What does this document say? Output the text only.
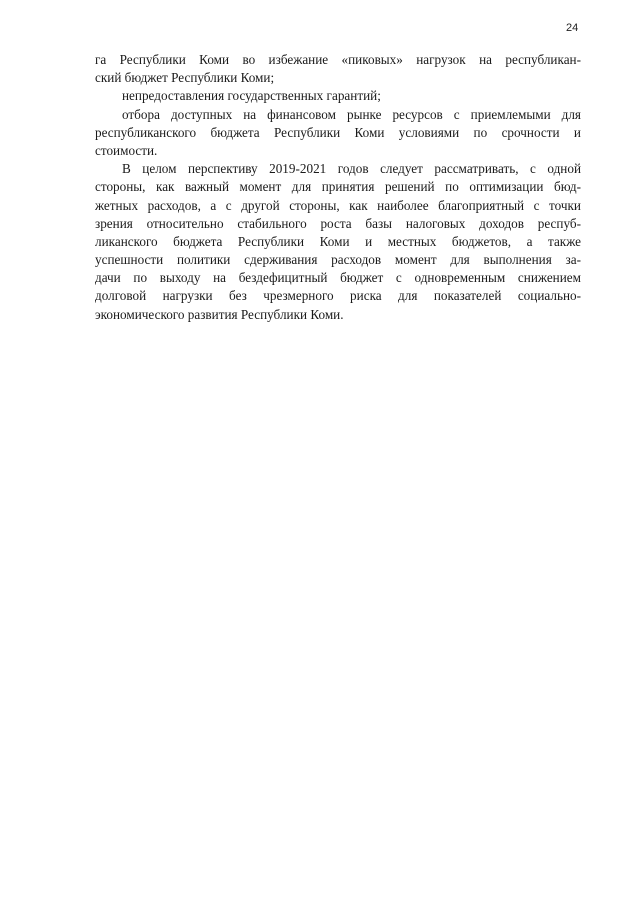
24
га Республики Коми во избежание «пиковых» нагрузок на республикан-
ский бюджет Республики Коми;
непредоставления государственных гарантий;
отбора доступных на финансовом рынке ресурсов с приемлемыми для
республиканского бюджета Республики Коми условиями по срочности и
стоимости.
В целом перспективу 2019-2021 годов следует рассматривать, с одной
стороны, как важный момент для принятия решений по оптимизации бюд-
жетных расходов, а с другой стороны, как наиболее благоприятный с точки
зрения относительно стабильного роста базы налоговых доходов респуб-
ликанского бюджета Республики Коми и местных бюджетов, а также
успешности политики сдерживания расходов момент для выполнения за-
дачи по выходу на бездефицитный бюджет с одновременным снижением
долговой нагрузки без чрезмерного риска для показателей социально-
экономического развития Республики Коми.
